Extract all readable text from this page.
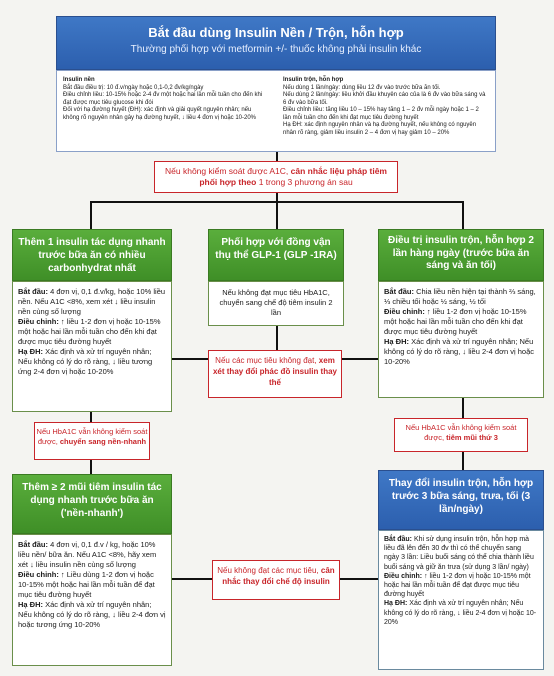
Bắt đầu dùng Insulin Nền / Trộn, hỗn hợp
Thường phối hợp với metformin +/- thuốc không phải insulin khác
Insulin nền
Bắt đầu điều trị: 10 đ.v/ngày hoặc 0,1-0,2 đv/kg/ngày
Điều chỉnh liều: 10-15% hoặc 2-4 đv một hoặc hai lần mỗi tuần cho đến khi đạt được mục tiêu glucose khi đói
Đối với hạ đường huyết (ĐH): xác định và giải quyết nguyên nhân; nếu không rõ nguyên nhân gây hạ đường huyết, ↓ liều 4 đơn vị hoặc 10-20%
Insulin trộn, hỗn hợp
Nếu dùng 1 lần/ngày: dùng liều 12 đv vào trước bữa ăn tối.
Nếu dùng 2 lần/ngày: liều khởi đầu khuyên cáo của là 6 đv vào bữa sáng và 6 đv vào bữa tối.
Điều chỉnh liều: tăng liều 10 – 15% hay tăng 1 – 2 đv mỗi ngày hoặc 1 – 2 lần mỗi tuần cho đến khi đạt mục tiêu đường huyết
Hạ ĐH: xác định nguyên nhân và hạ đường huyết, nếu không có nguyên nhân rõ ràng, giảm liều insulin 2 – 4 đơn vị hay giảm 10 – 20%
Nếu không kiểm soát được A1C, cân nhắc liệu pháp tiêm phối hợp theo 1 trong 3 phương án sau
Thêm 1 insulin tác dụng nhanh trước bữa ăn có nhiều carbonhydrat nhất
Bắt đầu: 4 đơn vị, 0,1 đ.v/kg, hoặc 10% liều nền. Nếu A1C <8%, xem xét ↓ liều insulin nền cùng số lượng
Điều chỉnh: ↑ liều 1-2 đơn vị hoặc 10-15% một hoặc hai lần mỗi tuần cho đến khi đạt được mục tiêu đường huyết
Hạ ĐH: Xác định và xử trí nguyên nhân; Nếu không có lý do rõ ràng, ↓ liều tương ứng 2-4 đơn vị hoặc 10-20%
Phối hợp với đồng vận thụ thể GLP-1 (GLP -1RA)
Nếu không đạt mục tiêu HbA1C, chuyển sang chế độ tiêm insulin 2 lần
Điều trị insulin trộn, hỗn hợp 2 lần hàng ngày (trước bữa ăn sáng và ăn tối)
Bắt đầu: Chia liều nền hiện tại thành ⅔ sáng, ⅓ chiều tối hoặc ½ sáng, ½ tối
Điều chỉnh: ↑ liều 1-2 đơn vị hoặc 10-15% một hoặc hai lần mỗi tuần cho đến khi đạt được mục tiêu đường huyết
Hạ ĐH: Xác định và xử trí nguyên nhân; Nếu không có lý do rõ ràng, ↓ liều 2-4 đơn vị hoặc 10-20%
Nếu các mục tiêu không đạt, xem xét thay đổi phác đồ insulin thay thế
Nếu HbA1C vẫn không kiểm soát được, chuyển sang nền-nhanh
Nếu HbA1C vẫn không kiểm soát được, tiêm mũi thứ 3
Thêm ≥ 2 mũi tiêm insulin tác dụng nhanh trước bữa ăn ('nền-nhanh')
Bắt đầu: 4 đơn vị, 0,1 đ.v / kg, hoặc 10% liều nền/ bữa ăn. Nếu A1C <8%, hãy xem xét ↓ liều insulin nền cùng số lượng
Điều chỉnh: ↑ Liều dùng 1-2 đơn vị hoặc 10-15% một hoặc hai lần mỗi tuần để đạt mục tiêu đường huyết
Hạ ĐH: Xác định và xử trí nguyên nhân; Nếu không có lý do rõ ràng, ↓ liều 2-4 đơn vị hoặc tương ứng 10-20%
Nếu không đạt các mục tiêu, cân nhắc thay đổi chế độ insulin
Thay đổi insulin trộn, hỗn hợp trước 3 bữa sáng, trưa, tối (3 lần/ngày)
Bắt đầu: Khi sử dụng insulin trộn, hỗn hợp mà liều đã lên đến 30 đv thì có thể chuyển sang ngày 3 lần: Liều buổi sáng có thể chia thành liều buổi sáng và giữ ăn trưa (sử dụng 3 lần/ ngày)
Điều chỉnh: ↑ liều 1-2 đơn vị hoặc 10-15% một hoặc hai lần mỗi tuần để đạt được mục tiêu đường huyết
Hạ ĐH: Xác định và xử trí nguyên nhân; Nếu không có lý do rõ ràng, ↓ liều 2-4 đơn vị hoặc 10-20%
